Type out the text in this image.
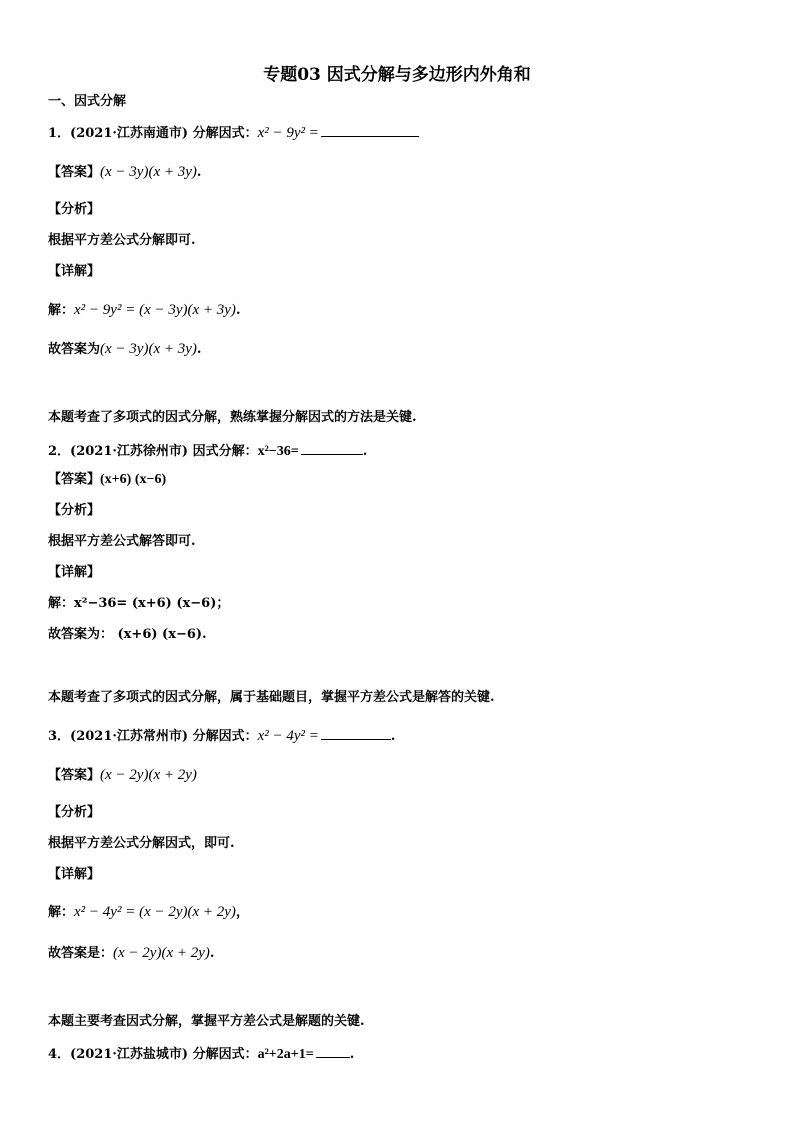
专题03 因式分解与多边形内外角和
一、因式分解
1．(2021·江苏南通市) 分解因式：x² − 9y² =
【答案】(x − 3y)(x + 3y).
【分析】
根据平方差公式分解即可.
【详解】
解：x² − 9y² = (x − 3y)(x + 3y).
故答案为(x − 3y)(x + 3y).
本题考查了多项式的因式分解，熟练掌握分解因式的方法是关键.
2．(2021·江苏徐州市) 因式分解：x²−36=	.
【答案】(x+6) (x−6)
【分析】
根据平方差公式解答即可.
【详解】
解：x²−36= (x+6) (x−6)；
故答案为： (x+6) (x−6).
本题考查了多项式的因式分解，属于基础题目，掌握平方差公式是解答的关键.
3．(2021·江苏常州市) 分解因式：x² − 4y² =	.
【答案】(x − 2y)(x + 2y)
【分析】
根据平方差公式分解因式，即可.
【详解】
解：x² − 4y² = (x − 2y)(x + 2y)，
故答案是：(x − 2y)(x + 2y).
本题主要考查因式分解，掌握平方差公式是解题的关键.
4．(2021·江苏盐城市) 分解因式：a²+2a+1=	.
